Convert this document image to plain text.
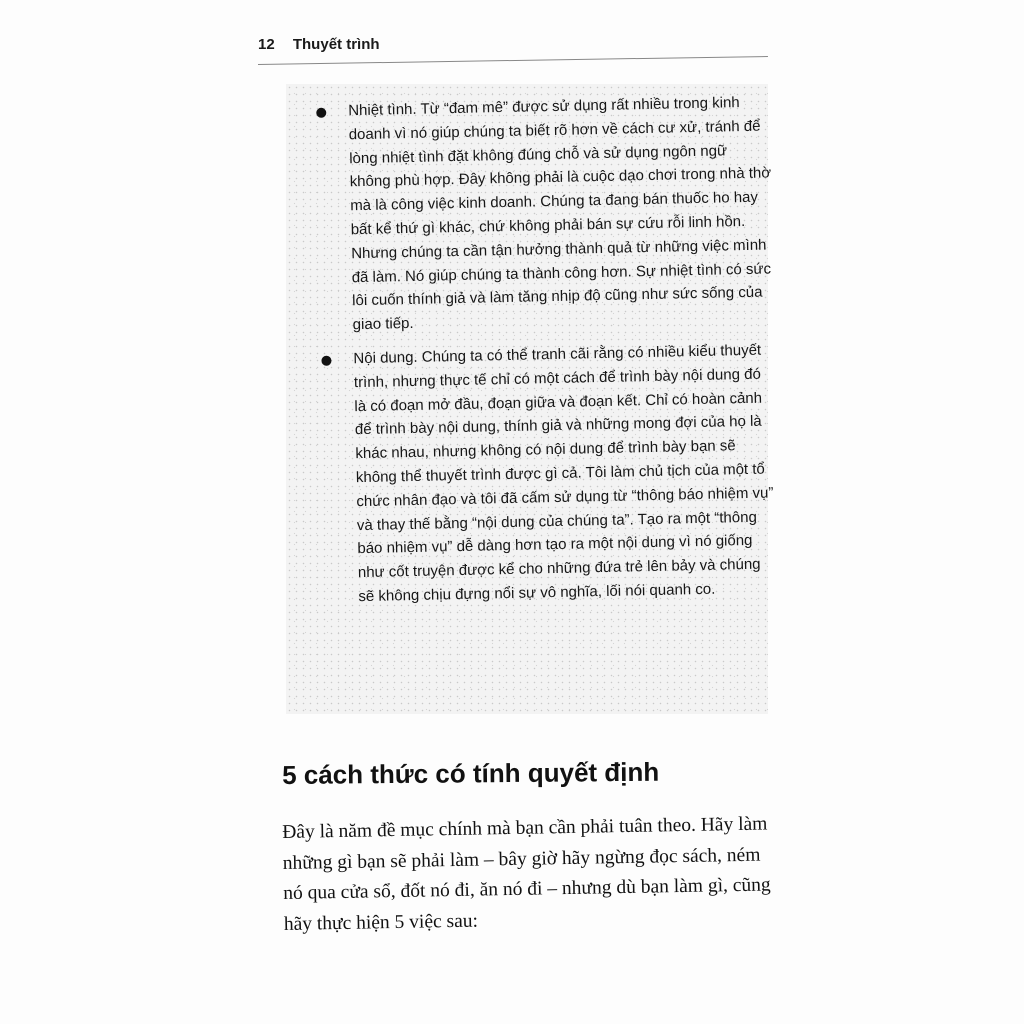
12 Thuyết trình
Nhiệt tình. Từ “đam mê” được sử dụng rất nhiều trong kinh doanh vì nó giúp chúng ta biết rõ hơn về cách cư xử, tránh để lòng nhiệt tình đặt không đúng chỗ và sử dụng ngôn ngữ không phù hợp. Đây không phải là cuộc dạo chơi trong nhà thờ mà là công việc kinh doanh. Chúng ta đang bán thuốc ho hay bất kể thứ gì khác, chứ không phải bán sự cứu rỗi linh hồn. Nhưng chúng ta cần tận hưởng thành quả từ những việc mình đã làm. Nó giúp chúng ta thành công hơn. Sự nhiệt tình có sức lôi cuốn thính giả và làm tăng nhịp độ cũng như sức sống của giao tiếp.
Nội dung. Chúng ta có thể tranh cãi rằng có nhiều kiểu thuyết trình, nhưng thực tế chỉ có một cách để trình bày nội dung đó là có đoạn mở đầu, đoạn giữa và đoạn kết. Chỉ có hoàn cảnh để trình bày nội dung, thính giả và những mong đợi của họ là khác nhau, nhưng không có nội dung để trình bày bạn sẽ không thể thuyết trình được gì cả. Tôi làm chủ tịch của một tổ chức nhân đạo và tôi đã cấm sử dụng từ “thông báo nhiệm vụ” và thay thế bằng “nội dung của chúng ta”. Tạo ra một “thông báo nhiệm vụ” dễ dàng hơn tạo ra một nội dung vì nó giống như cốt truyện được kể cho những đứa trẻ lên bảy và chúng sẽ không chịu đựng nổi sự vô nghĩa, lối nói quanh co.
5 cách thức có tính quyết định

Đây là năm đề mục chính mà bạn cần phải tuân theo. Hãy làm những gì bạn sẽ phải làm – bây giờ hãy ngừng đọc sách, ném nó qua cửa sổ, đốt nó đi, ăn nó đi – nhưng dù bạn làm gì, cũng hãy thực hiện 5 việc sau:
